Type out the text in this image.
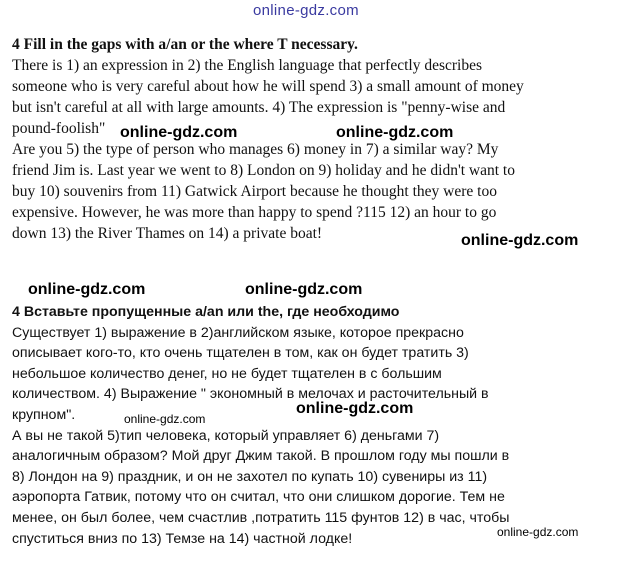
online-gdz.com
4 Fill in the gaps with a/an or the where T necessary.
There is 1) an expression in 2) the English language that perfectly describes
someone who is very careful about how he will spend 3) a small amount of money
but isn't careful at all with large amounts. 4) The expression is "penny-wise and
pound-foolish"
Are you 5) the type of person who manages 6) money in 7) a similar way? My
friend Jim is. Last year we went to 8) London on 9) holiday and he didn't want to
buy 10) souvenirs from 11) Gatwick Airport because he thought they were too
expensive. However, he was more than happy to spend ?115 12) an hour to go
down 13) the River Thames on 14) a private boat!
4 Вставьте пропущенные a/an или the, где необходимо
Существует 1) выражение в 2)английском языке, которое прекрасно
описывает кого-то, кто очень тщателен в том, как он будет тратить 3)
небольшое количество денег, но не будет тщателен в с большим
количеством. 4) Выражение " экономный в мелочах и расточительный в
крупном".
А вы не такой 5)тип человека, который управляет 6) деньгами 7)
аналогичным образом? Мой друг Джим такой. В прошлом году мы пошли в
8) Лондон на 9) праздник, и он не захотел по купать 10) сувениры из 11)
аэропорта Гатвик, потому что он считал, что они слишком дорогие. Тем не
менее, он был более, чем счастлив ,потратить 115 фунтов 12) в час, чтобы
спуститься вниз по 13) Темзе на 14) частной лодке!
online-gdz.com	online-gdz.com
online-gdz.com
online-gdz.com	online-gdz.com
online-gdz.com
online-gdz.com
online-gdz.com
